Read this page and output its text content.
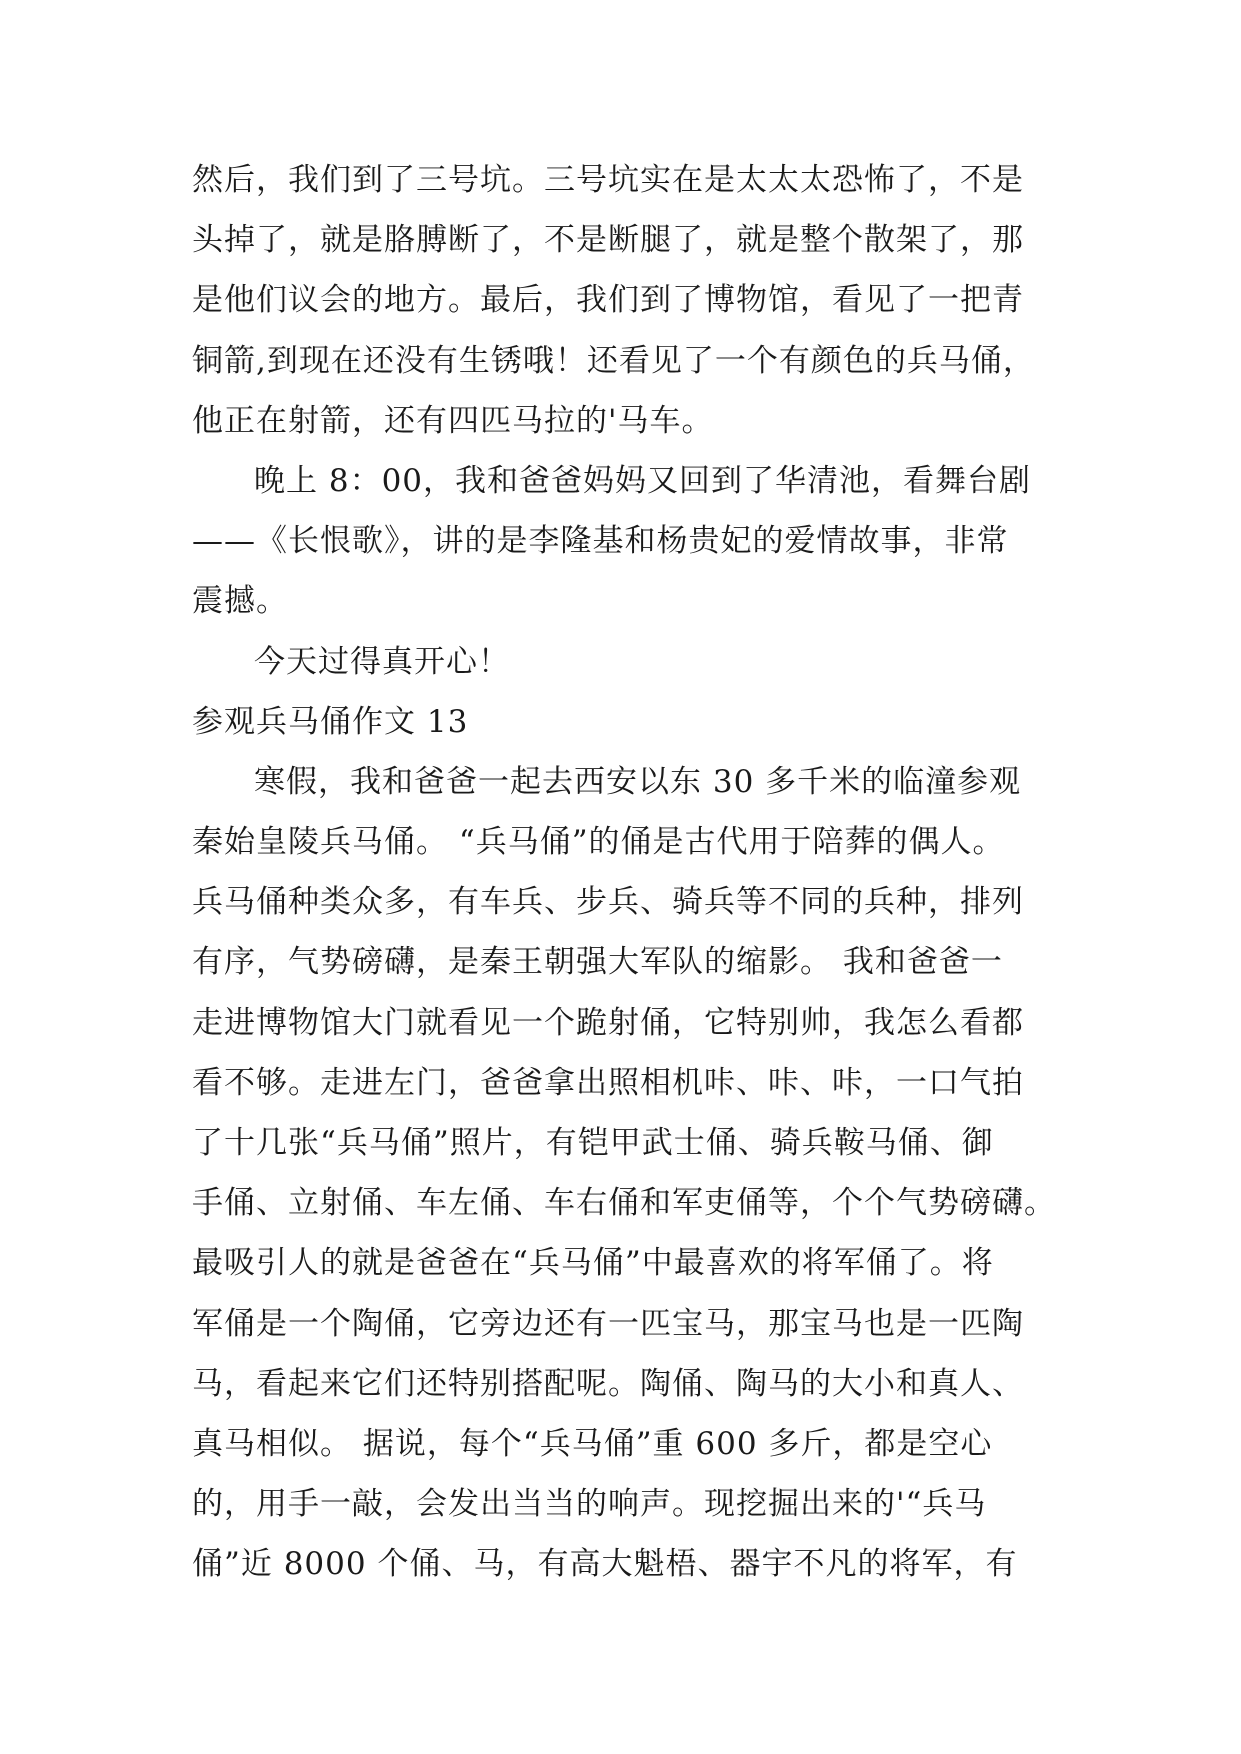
然后，我们到了三号坑。三号坑实在是太太太恐怖了，不是
头掉了，就是胳膊断了，不是断腿了，就是整个散架了，那
是他们议会的地方。最后，我们到了博物馆，看见了一把青
铜箭,到现在还没有生锈哦！还看见了一个有颜色的兵马俑，
他正在射箭，还有四匹马拉的'马车。
晚上 8：00，我和爸爸妈妈又回到了华清池，看舞台剧
——《长恨歌》，讲的是李隆基和杨贵妃的爱情故事，非常
震撼。
今天过得真开心！
参观兵马俑作文 13
寒假，我和爸爸一起去西安以东 30 多千米的临潼参观
秦始皇陵兵马俑。 “兵马俑”的俑是古代用于陪葬的偶人。
兵马俑种类众多，有车兵、步兵、骑兵等不同的兵种，排列
有序，气势磅礴，是秦王朝强大军队的缩影。 我和爸爸一
走进博物馆大门就看见一个跪射俑，它特别帅，我怎么看都
看不够。走进左门，爸爸拿出照相机咔、咔、咔，一口气拍
了十几张“兵马俑”照片，有铠甲武士俑、骑兵鞍马俑、御
手俑、立射俑、车左俑、车右俑和军吏俑等，个个气势磅礴。
最吸引人的就是爸爸在“兵马俑”中最喜欢的将军俑了。将
军俑是一个陶俑，它旁边还有一匹宝马，那宝马也是一匹陶
马，看起来它们还特别搭配呢。陶俑、陶马的大小和真人、
真马相似。 据说，每个“兵马俑”重 600 多斤，都是空心
的，用手一敲，会发出当当的响声。现挖掘出来的'“兵马
俑”近 8000 个俑、马，有高大魁梧、器宇不凡的将军，有
